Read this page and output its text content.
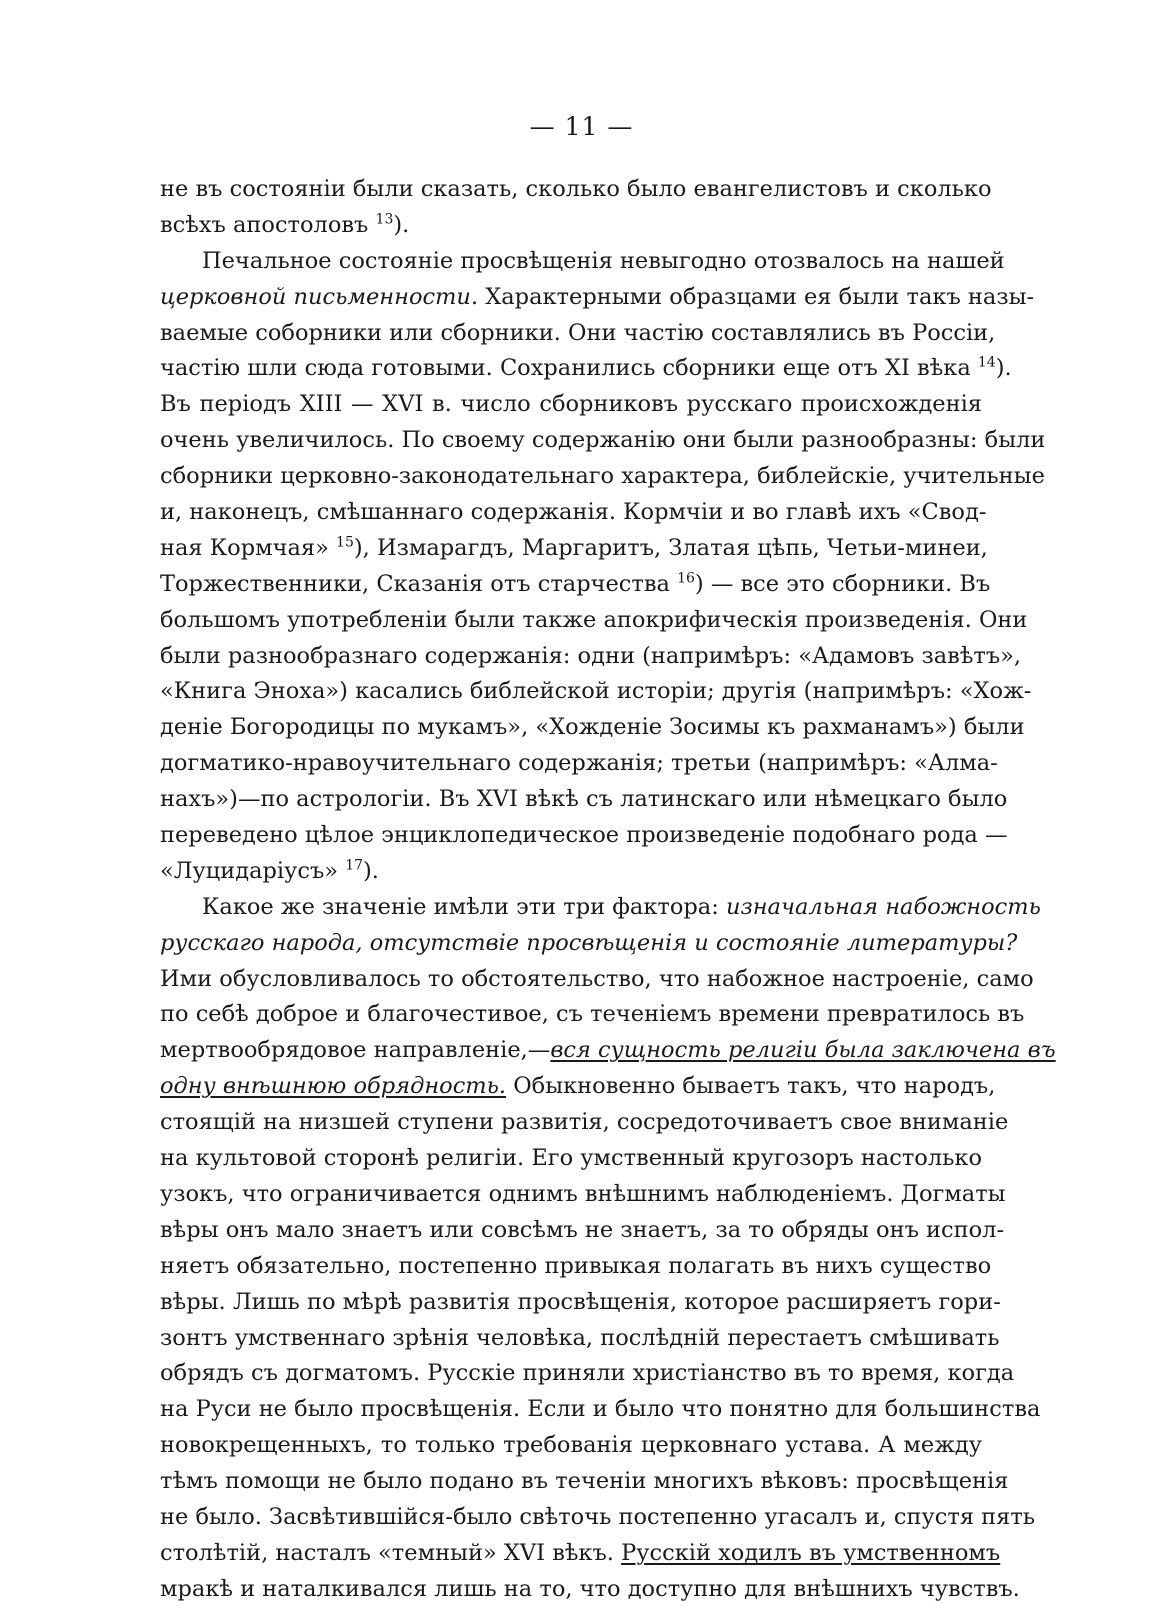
— 11 —
не въ состояніи были сказать, сколько было евангелистовъ и сколько
всѣхъ апостоловъ $^{13}$).
Печальное состояніе просвѣщенія невыгодно отозвалось на нашей
церковной письменности. Характерными образцами ея были такъ назы-
ваемые соборники или сборники. Они частію составлялись въ Россіи,
частію шли сюда готовыми. Сохранились сборники еще отъ XI вѣка $^{14}$).
Въ періодъ XIII — XVI в. число сборниковъ русскаго происхожденія
очень увеличилось. По своему содержанію они были разнообразны: были
сборники церковно-законодательнаго характера, библейскіе, учительные
и, наконецъ, смѣшаннаго содержанія. Кормчіи и во главѣ ихъ «Свод-
ная Кормчая» $^{15}$), Измарагдъ, Маргаритъ, Златая цѣпь, Четьи-минеи,
Торжественники, Сказанія отъ старчества $^{16}$) — все это сборники. Въ
большомъ употребленіи были также апокрифическія произведенія. Они
были разнообразнаго содержанія: одни (напримѣръ: «Адамовъ завѣтъ»,
«Книга Эноха») касались библейской исторіи; другія (напримѣръ: «Хож-
деніе Богородицы по мукамъ», «Хожденіе Зосимы къ рахманамъ») были
догматико-нравоучительнаго содержанія; третьи (напримѣръ: «Алма-
нахъ»)—по астрологіи. Въ XVI вѣкѣ съ латинскаго или нѣмецкаго было
переведено цѣлое энциклопедическое произведеніе подобнаго рода —
«Луцидаріусъ» $^{17}$).
Какое же значеніе имѣли эти три фактора: изначальная набожность
русскаго народа, отсутствіе просвѣщенія и состояніе литературы?
Ими обусловливалось то обстоятельство, что набожное настроеніе, само
по себѣ доброе и благочестивое, съ теченіемъ времени превратилось въ
мертвообрядовое направленіе,—вся сущность религіи была заключена въ
одну внѣшнюю обрядность. Обыкновенно бываетъ такъ, что народъ,
стоящій на низшей ступени развитія, сосредоточиваетъ свое вниманіе
на культовой сторонѣ религіи. Его умственный кругозоръ настолько
узокъ, что ограничивается однимъ внѣшнимъ наблюденіемъ. Догматы
вѣры онъ мало знаетъ или совсѣмъ не знаетъ, за то обряды онъ испол-
няетъ обязательно, постепенно привыкая полагать въ нихъ существо
вѣры. Лишь по мѣрѣ развитія просвѣщенія, которое расширяетъ гори-
зонтъ умственнаго зрѣнія человѣка, послѣдній перестаетъ смѣшивать
обрядъ съ догматомъ. Русскіе приняли христіанство въ то время, когда
на Руси не было просвѣщенія. Если и было что понятно для большинства
новокрещенныхъ, то только требованія церковнаго устава. А между
тѣмъ помощи не было подано въ теченіи многихъ вѣковъ: просвѣщенія
не было. Засвѣтившійся-было свѣточь постепенно угасалъ и, спустя пять
столѣтій, насталъ «темный» XVI вѣкъ. Русскій ходилъ въ умственномъ
мракѣ и наталкивался лишь на то, что доступно для внѣшнихъ чувствъ.
